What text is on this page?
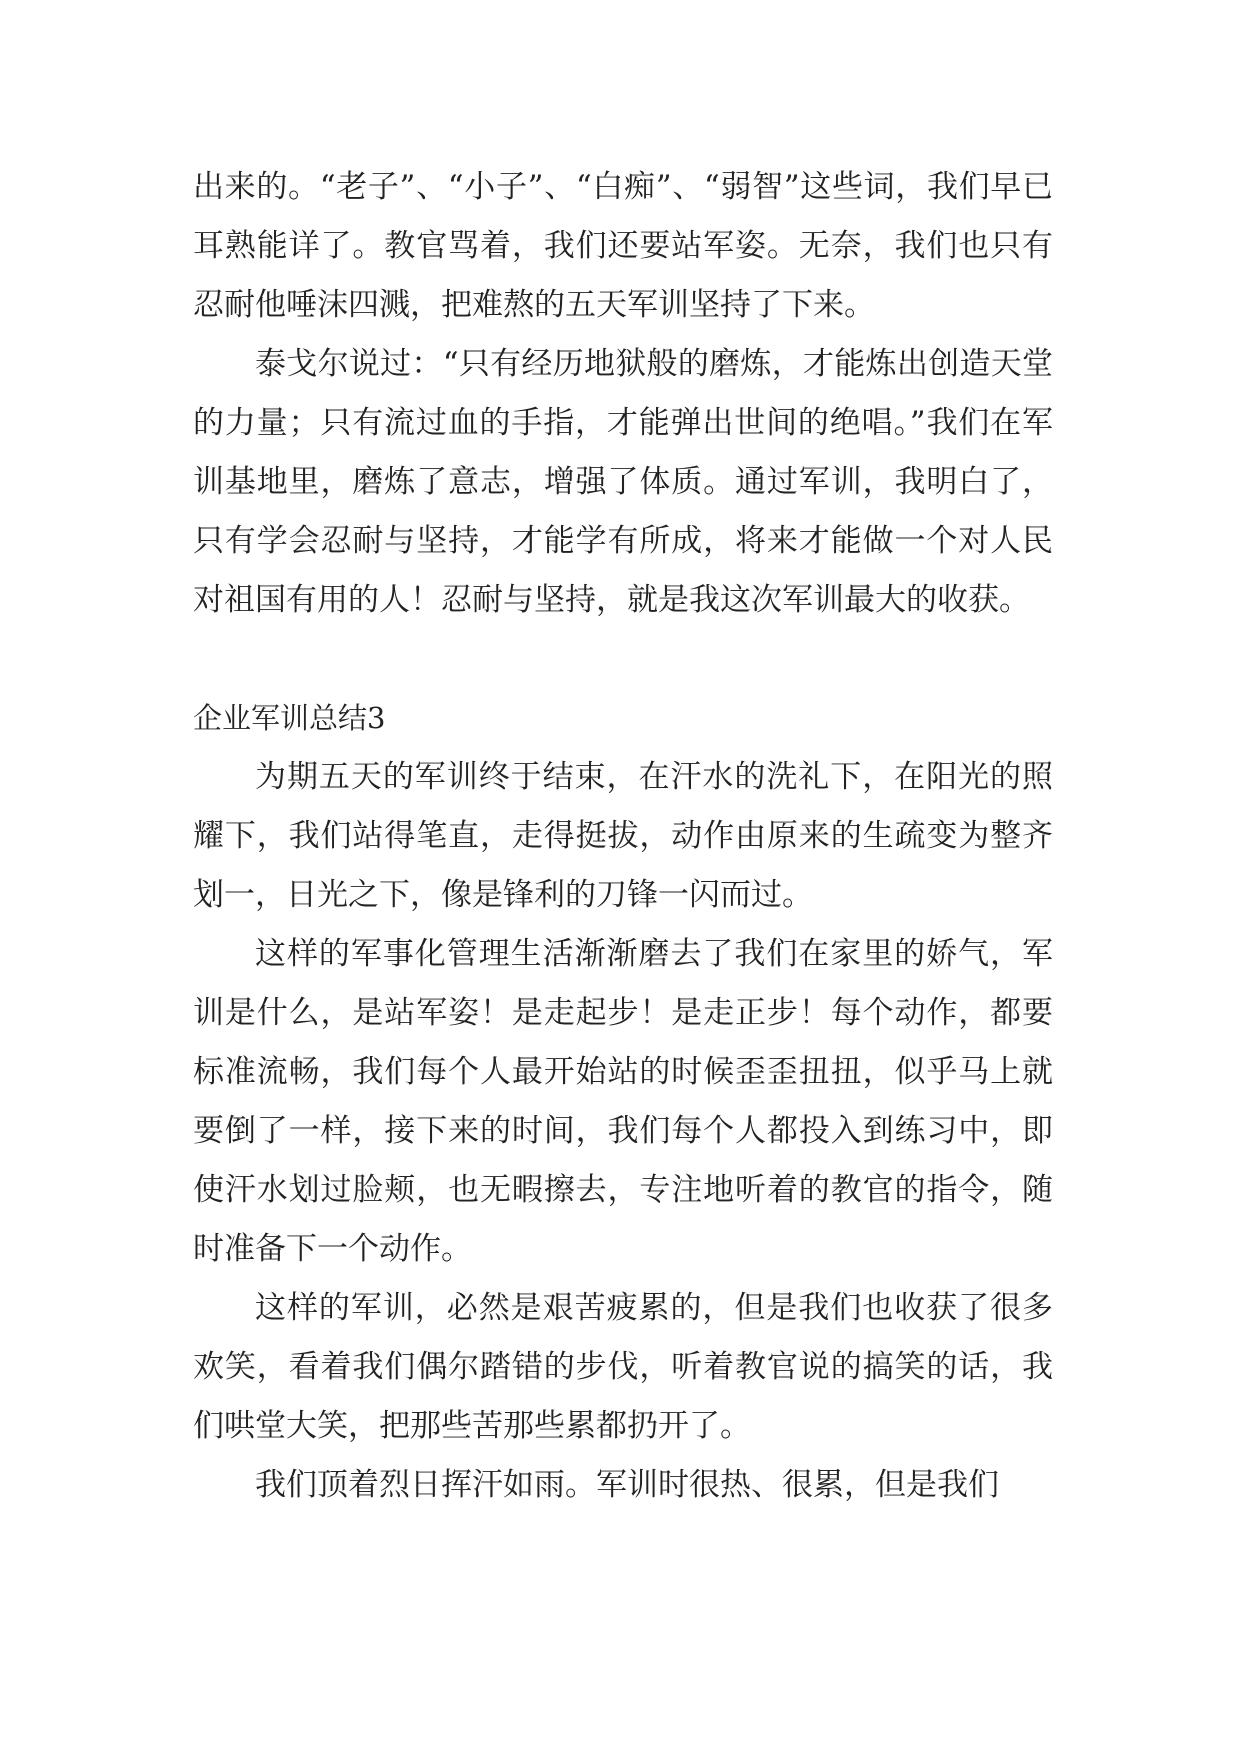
出来的。“老子”、“小子”、“白痴”、“弱智”这些词，我们早已耳熟能详了。教官骂着，我们还要站军姿。无奈，我们也只有忍耐他唾沫四溅，把难熬的五天军训坚持了下来。

泰戈尔说过：“只有经历地狱般的磨炼，才能炼出创造天堂的力量；只有流过血的手指，才能弹出世间的绝唱。”我们在军训基地里，磨炼了意志，增强了体质。通过军训，我明白了，只有学会忍耐与坚持，才能学有所成，将来才能做一个对人民对祖国有用的人！忍耐与坚持，就是我这次军训最大的收获。

企业军训总结3

为期五天的军训终于结束，在汗水的洗礼下，在阳光的照耀下，我们站得笔直，走得挺拔，动作由原来的生疏变为整齐划一，日光之下，像是锋利的刀锋一闪而过。

这样的军事化管理生活渐渐磨去了我们在家里的娇气，军训是什么，是站军姿！是走起步！是走正步！每个动作，都要标准流畅，我们每个人最开始站的时候歪歪扭扭，似乎马上就要倒了一样，接下来的时间，我们每个人都投入到练习中，即使汗水划过脸颊，也无暇擦去，专注地听着的教官的指令，随时准备下一个动作。

这样的军训，必然是艰苦疲累的，但是我们也收获了很多欢笑，看着我们偶尔踏错的步伐，听着教官说的搞笑的话，我们哄堂大笑，把那些苦那些累都扔开了。

我们顶着烈日挥汗如雨。军训时很热、很累，但是我们
